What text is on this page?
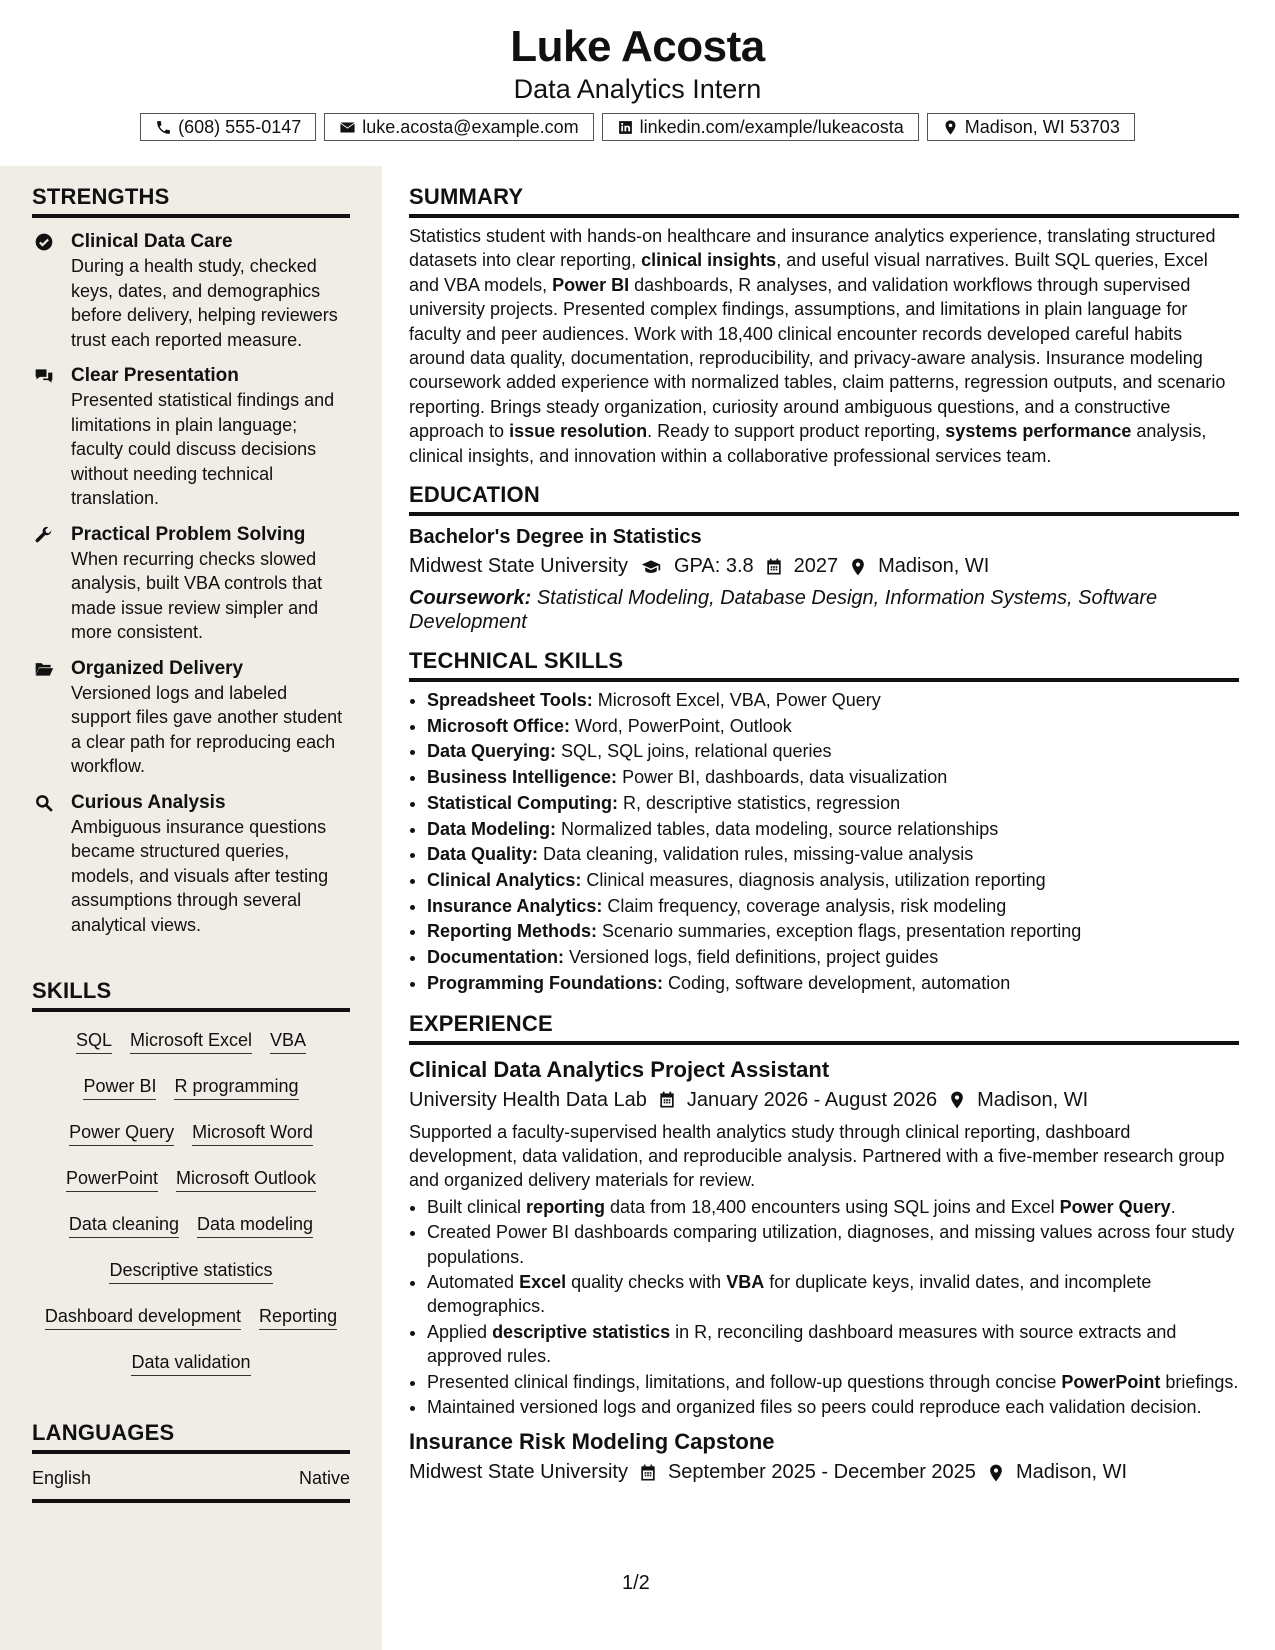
Luke Acosta
Data Analytics Intern
(608) 555-0147	luke.acosta@example.com	linkedin.com/example/lukeacosta	Madison, WI 53703
STRENGTHS
Clinical Data Care
During a health study, checked keys, dates, and demographics before delivery, helping reviewers trust each reported measure.
Clear Presentation
Presented statistical findings and limitations in plain language; faculty could discuss decisions without needing technical translation.
Practical Problem Solving
When recurring checks slowed analysis, built VBA controls that made issue review simpler and more consistent.
Organized Delivery
Versioned logs and labeled support files gave another student a clear path for reproducing each workflow.
Curious Analysis
Ambiguous insurance questions became structured queries, models, and visuals after testing assumptions through several analytical views.
SKILLS
SQL Microsoft Excel VBA
Power BI R programming
Power Query Microsoft Word
PowerPoint Microsoft Outlook
Data cleaning Data modeling
Descriptive statistics
Dashboard development Reporting
Data validation
LANGUAGES
English	Native
SUMMARY

Statistics student with hands-on healthcare and insurance analytics experience, translating structured datasets into clear reporting, clinical insights, and useful visual narratives. Built SQL queries, Excel and VBA models, Power BI dashboards, R analyses, and validation workflows through supervised university projects. Presented complex findings, assumptions, and limitations in plain language for faculty and peer audiences. Work with 18,400 clinical encounter records developed careful habits around data quality, documentation, reproducibility, and privacy-aware analysis. Insurance modeling coursework added experience with normalized tables, claim patterns, regression outputs, and scenario reporting. Brings steady organization, curiosity around ambiguous questions, and a constructive approach to issue resolution. Ready to support product reporting, systems performance analysis, clinical insights, and innovation within a collaborative professional services team.

EDUCATION
Bachelor's Degree in Statistics
Midwest State University GPA: 3.8 2027 Madison, WI
Coursework: Statistical Modeling, Database Design, Information Systems, Software Development
TECHNICAL SKILLS
• Spreadsheet Tools: Microsoft Excel, VBA, Power Query
• Microsoft Office: Word, PowerPoint, Outlook
• Data Querying: SQL, SQL joins, relational queries
• Business Intelligence: Power BI, dashboards, data visualization
• Statistical Computing: R, descriptive statistics, regression
• Data Modeling: Normalized tables, data modeling, source relationships
• Data Quality: Data cleaning, validation rules, missing-value analysis
• Clinical Analytics: Clinical measures, diagnosis analysis, utilization reporting
• Insurance Analytics: Claim frequency, coverage analysis, risk modeling
• Reporting Methods: Scenario summaries, exception flags, presentation reporting
• Documentation: Versioned logs, field definitions, project guides
• Programming Foundations: Coding, software development, automation
EXPERIENCE
Clinical Data Analytics Project Assistant
University Health Data Lab January 2026 - August 2026 Madison, WI

Supported a faculty-supervised health analytics study through clinical reporting, dashboard development, data validation, and reproducible analysis. Partnered with a five-member research group and organized delivery materials for review.

• Built clinical reporting data from 18,400 encounters using SQL joins and Excel Power Query.
• Created Power BI dashboards comparing utilization, diagnoses, and missing values across four study populations.
• Automated Excel quality checks with VBA for duplicate keys, invalid dates, and incomplete demographics.
• Applied descriptive statistics in R, reconciling dashboard measures with source extracts and approved rules.
• Presented clinical findings, limitations, and follow-up questions through concise PowerPoint briefings.
• Maintained versioned logs and organized files so peers could reproduce each validation decision.
Insurance Risk Modeling Capstone
Midwest State University September 2025 - December 2025 Madison, WI
1/2
